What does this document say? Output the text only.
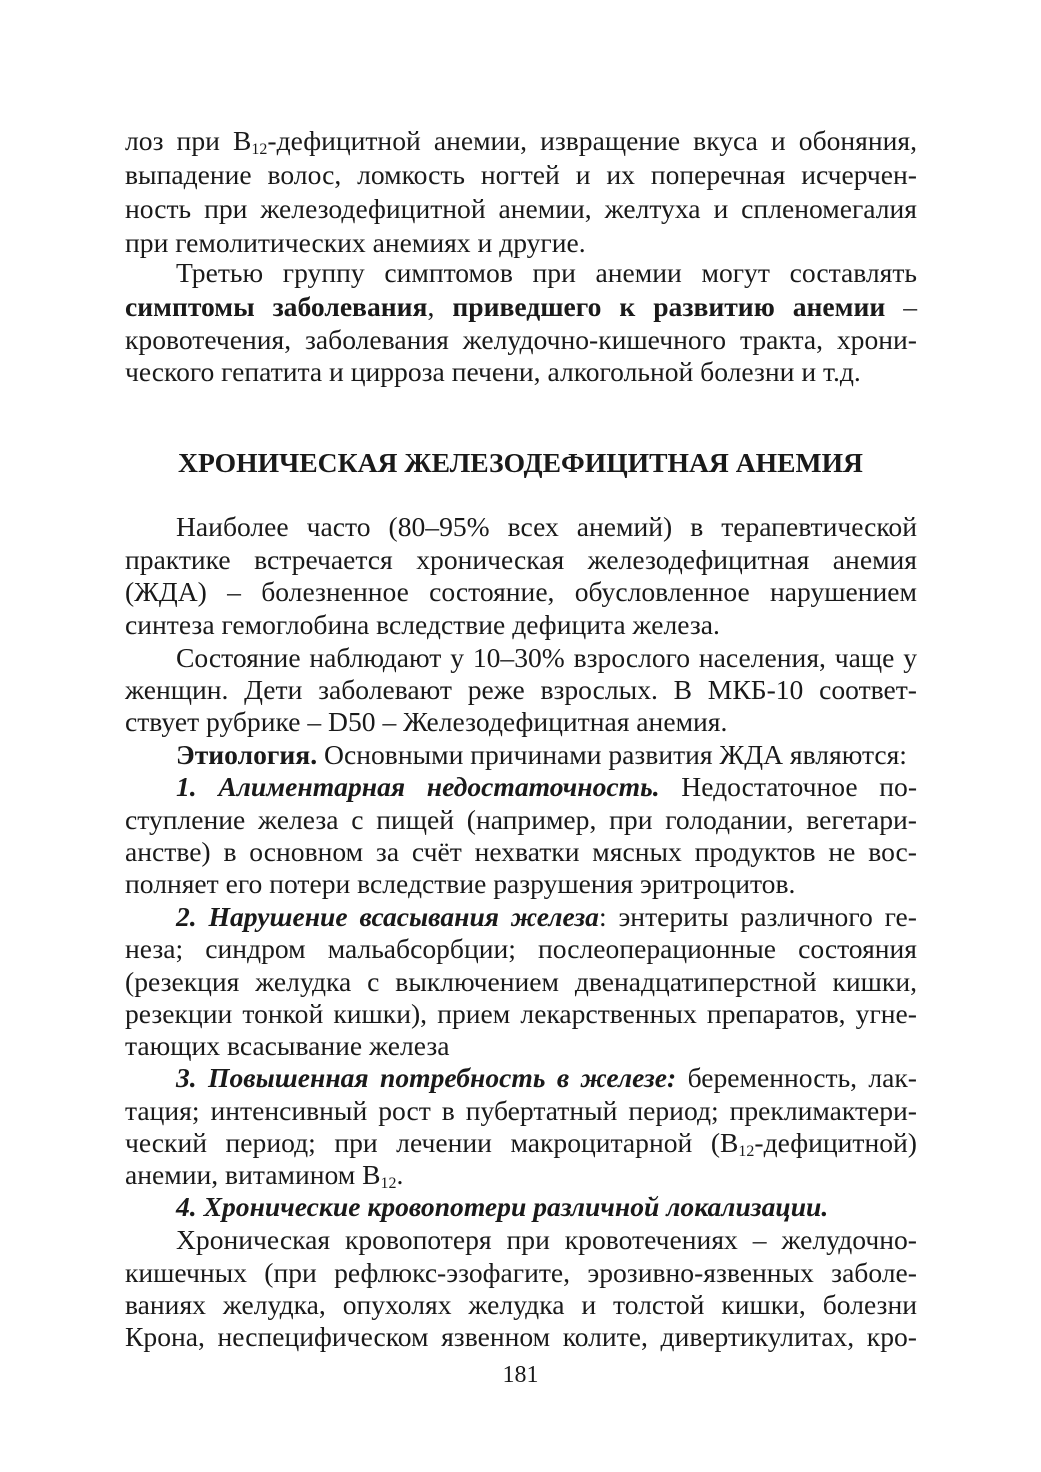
лоз при $В_{12}$-дефицитной анемии, извращение вкуса и обоняния,

выпадение волос, ломкость ногтей и их поперечная исчерчен-

ность при железодефицитной анемии, желтуха и спленомегалия

при гемолитических анемиях и другие.

Третью группу симптомов при анемии могут составлять

симптомы заболевания, приведшего к развитию анемии –

кровотечения, заболевания желудочно-кишечного тракта, хрони-

ческого гепатита и цирроза печени, алкогольной болезни и т.д.

ХРОНИЧЕСКАЯ ЖЕЛЕЗОДЕФИЦИТНАЯ АНЕМИЯ

Наиболее часто (80–95% всех анемий) в терапевтической

практике встречается хроническая железодефицитная анемия

(ЖДА) – болезненное состояние, обусловленное нарушением

синтеза гемоглобина вследствие дефицита железа.

Состояние наблюдают у 10–30% взрослого населения, чаще у

женщин. Дети заболевают реже взрослых. В МКБ-10 соответ-

ствует рубрике – D50 – Железодефицитная анемия.

Этиология. Основными причинами развития ЖДА являются:

1. Алиментарная недостаточность. Недостаточное по-

ступление железа с пищей (например, при голодании, вегетари-

анстве) в основном за счёт нехватки мясных продуктов не вос-

полняет его потери вследствие разрушения эритроцитов.

2. Нарушение всасывания железа: энтериты различного ге-

неза; синдром мальабсорбции; послеоперационные состояния

(резекция желудка с выключением двенадцатиперстной кишки,

резекции тонкой кишки), прием лекарственных препаратов, угне-

тающих всасывание железа

3. Повышенная потребность в железе: беременность, лак-

тация; интенсивный рост в пубертатный период; преклимактери-

ческий период; при лечении макроцитарной $(В_{12}-дефицитной)$

анемии, витамином $В_{12}$.

4. Хронические кровопотери различной локализации.

Хроническая кровопотеря при кровотечениях – желудочно-

кишечных (при рефлюкс-эзофагите, эрозивно-язвенных заболе-

ваниях желудка, опухолях желудка и толстой кишки, болезни

Крона, неспецифическом язвенном колите, дивертикулитах, кро-

181
